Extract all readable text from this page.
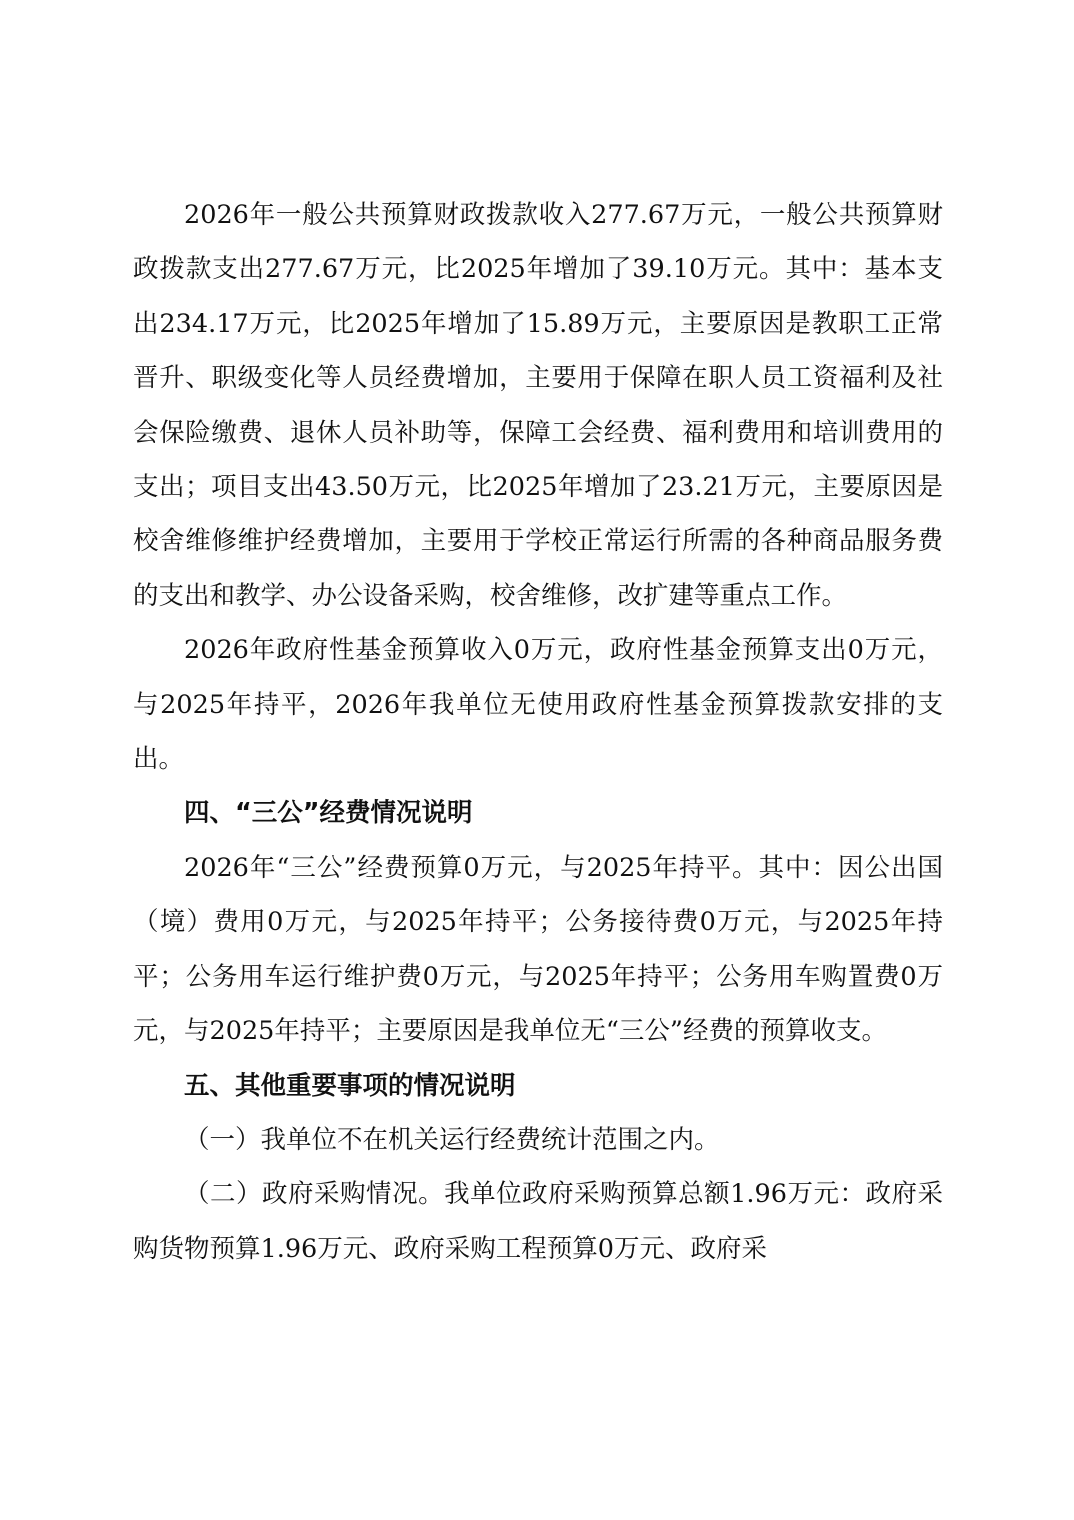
2026年一般公共预算财政拨款收入277.67万元，一般公共预算财政拨款支出277.67万元，比2025年增加了39.10万元。其中：基本支出234.17万元，比2025年增加了15.89万元，主要原因是教职工正常晋升、职级变化等人员经费增加，主要用于保障在职人员工资福利及社会保险缴费、退休人员补助等，保障工会经费、福利费用和培训费用的支出；项目支出43.50万元，比2025年增加了23.21万元，主要原因是校舍维修维护经费增加，主要用于学校正常运行所需的各种商品服务费的支出和教学、办公设备采购，校舍维修，改扩建等重点工作。

2026年政府性基金预算收入0万元，政府性基金预算支出0万元，与2025年持平，2026年我单位无使用政府性基金预算拨款安排的支出。

四、“三公”经费情况说明

2026年“三公”经费预算0万元，与2025年持平。其中：因公出国（境）费用0万元，与2025年持平；公务接待费0万元，与2025年持平；公务用车运行维护费0万元，与2025年持平；公务用车购置费0万元，与2025年持平；主要原因是我单位无“三公”经费的预算收支。

五、其他重要事项的情况说明

（一）我单位不在机关运行经费统计范围之内。

（二）政府采购情况。我单位政府采购预算总额1.96万元：政府采购货物预算1.96万元、政府采购工程预算0万元、政府采
